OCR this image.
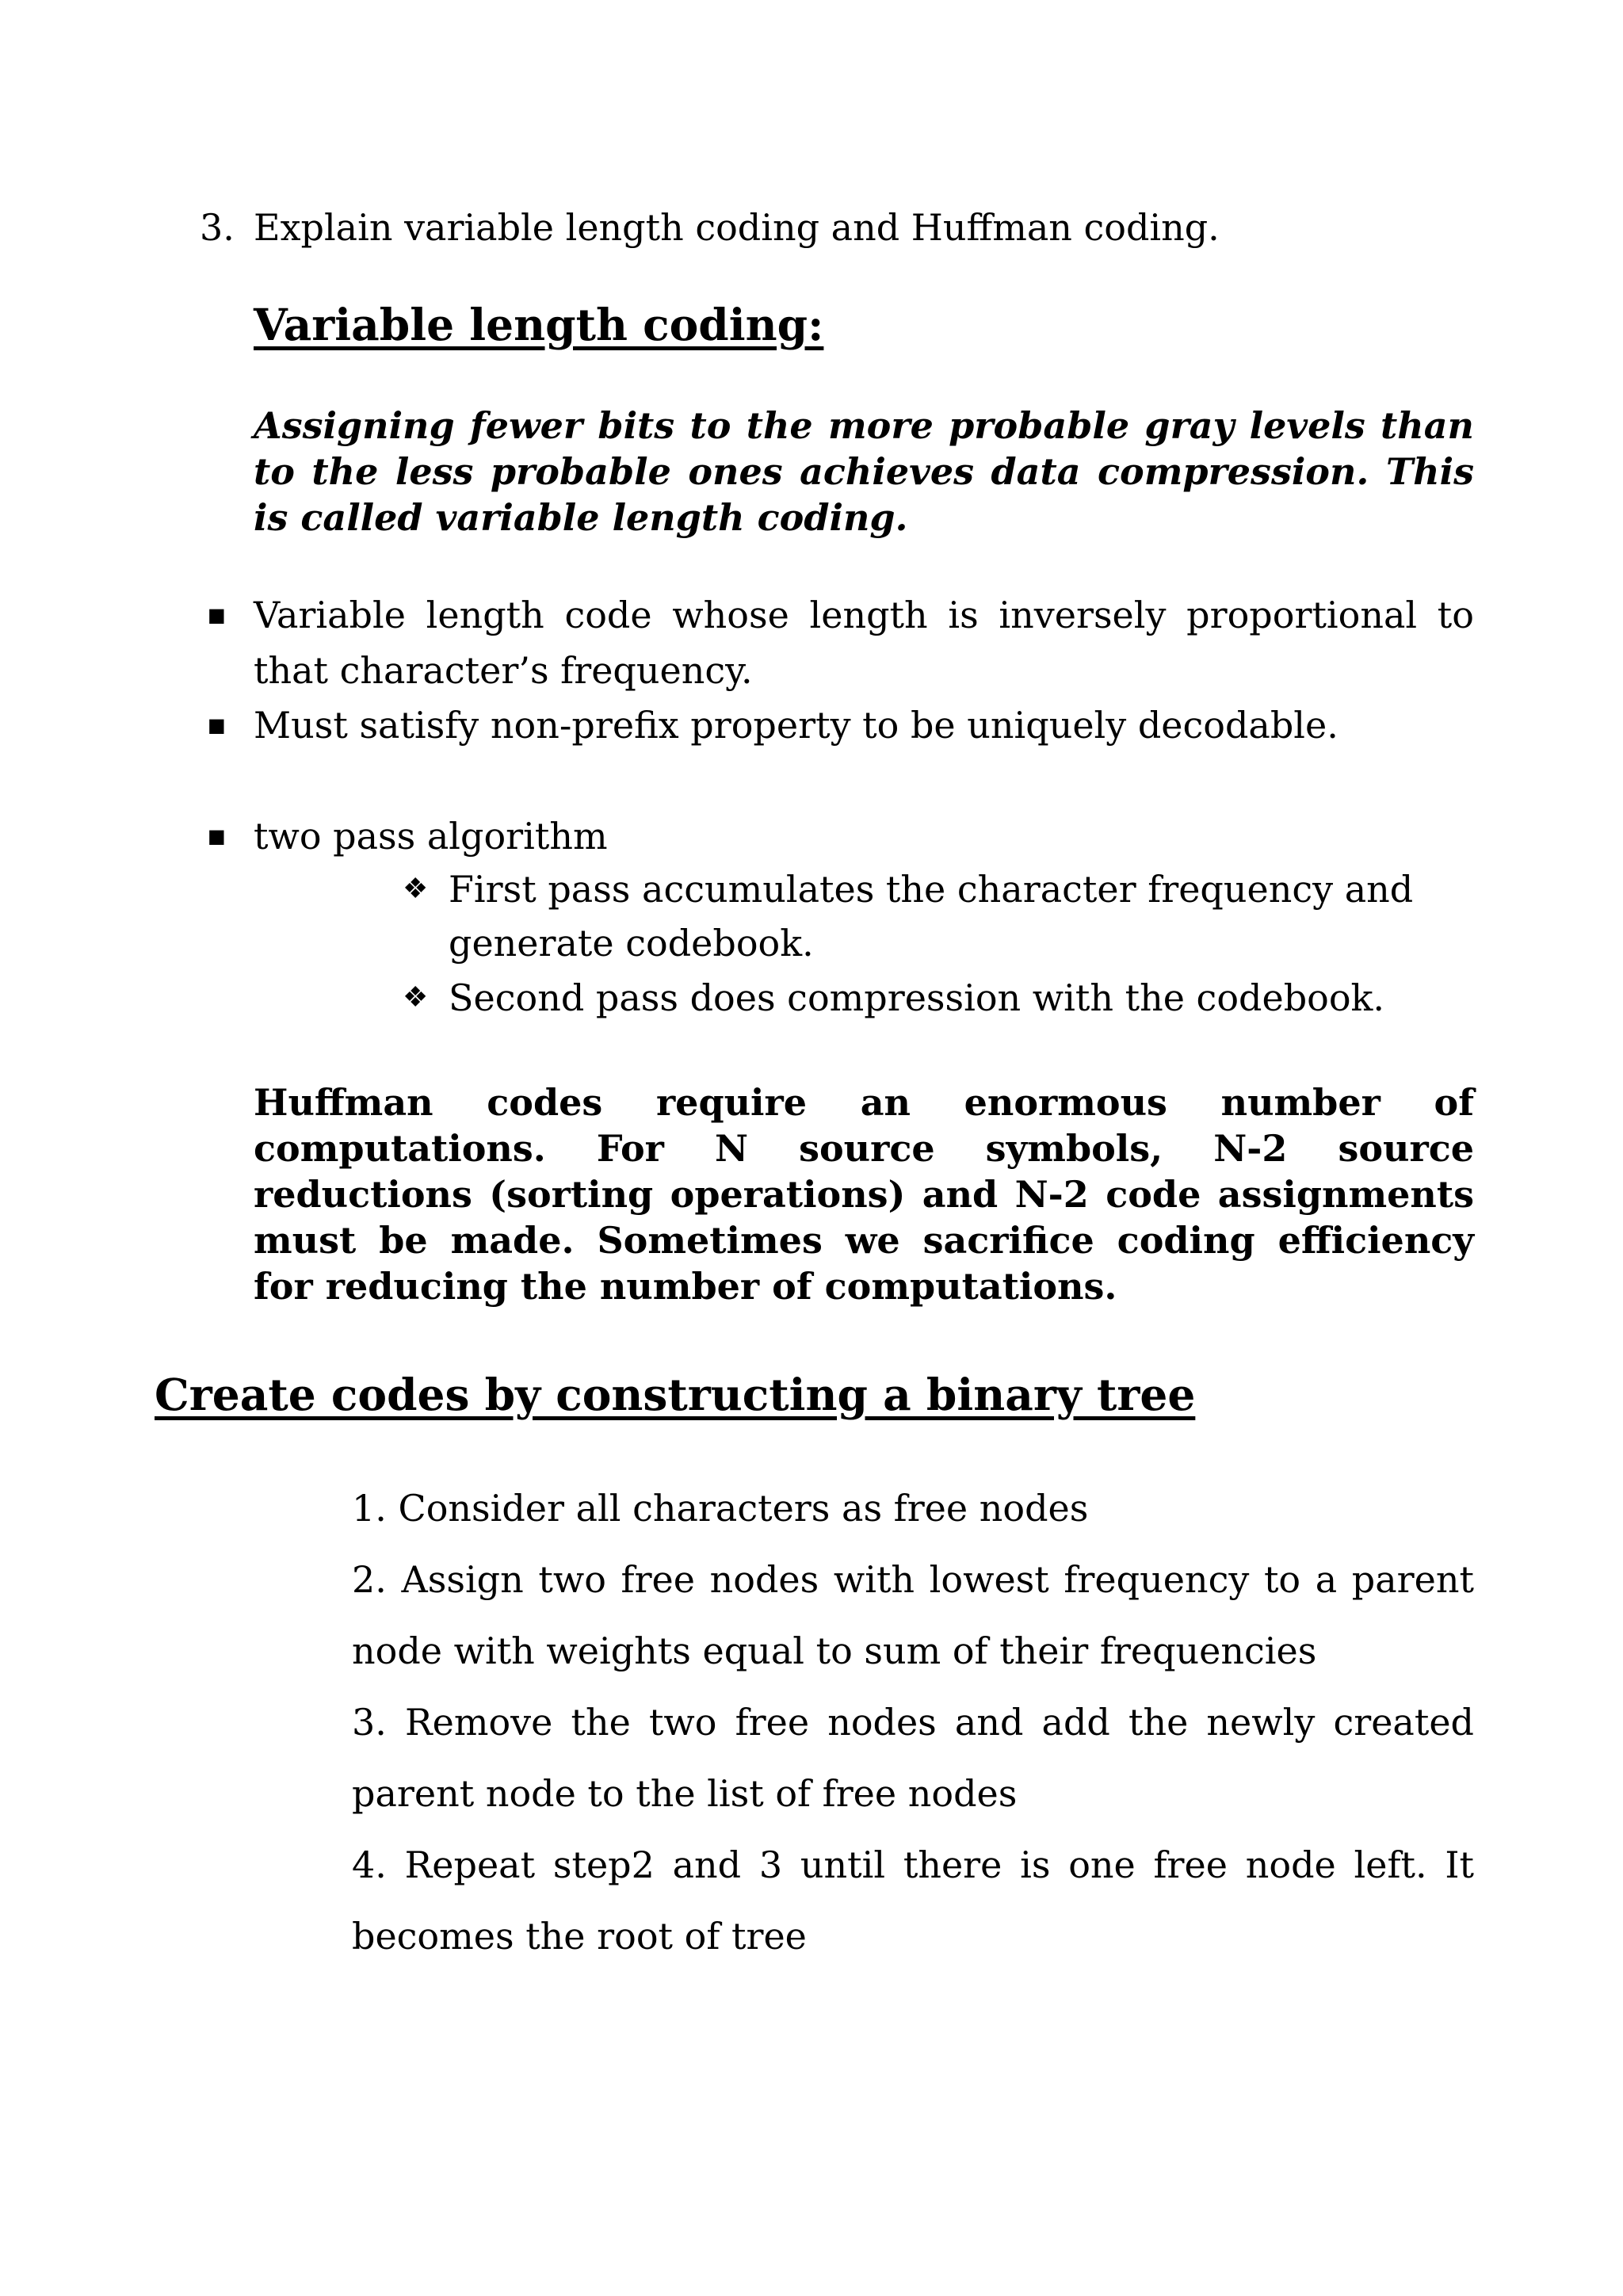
3. Explain variable length coding and Huffman coding.
Variable length coding:
Assigning fewer bits to the more probable gray levels than to the less probable ones achieves data compression. This is called variable length coding.
■ Variable length code whose length is inversely proportional to that character’s frequency.
■ Must satisfy non-prefix property to be uniquely decodable.
■ two pass algorithm
❖ First pass accumulates the character frequency and generate codebook.
❖ Second pass does compression with the codebook.
Huffman codes require an enormous number of computations. For N source symbols, N-2 source reductions (sorting operations) and N-2 code assignments must be made. Sometimes we sacrifice coding efficiency for reducing the number of computations.
Create codes by constructing a binary tree

1. Consider all characters as free nodes

2. Assign two free nodes with lowest frequency to a parent node with weights equal to sum of their frequencies

3. Remove the two free nodes and add the newly created parent node to the list of free nodes

4. Repeat step2 and 3 until there is one free node left. It becomes the root of tree
